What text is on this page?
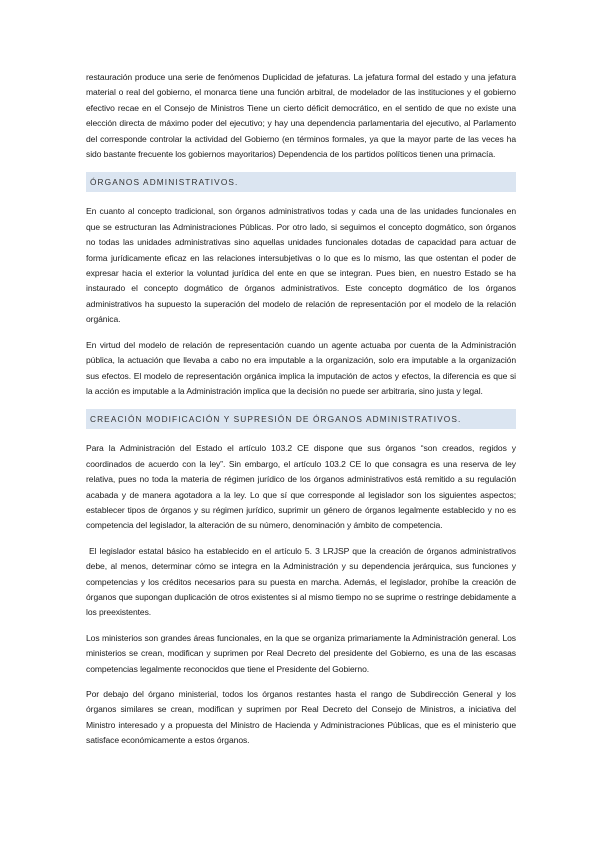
restauración produce una serie de fenómenos Duplicidad de jefaturas. La jefatura formal del estado y una jefatura material o real del gobierno, el monarca tiene una función arbitral, de modelador de las instituciones y el gobierno efectivo recae en el Consejo de Ministros Tiene un cierto déficit democrático, en el sentido de que no existe una elección directa de máximo poder del ejecutivo; y hay una dependencia parlamentaria del ejecutivo, al Parlamento del corresponde controlar la actividad del Gobierno (en términos formales, ya que la mayor parte de las veces ha sido bastante frecuente los gobiernos mayoritarios) Dependencia de los partidos políticos tienen una primacía.

ÓRGANOS ADMINISTRATIVOS.

En cuanto al concepto tradicional, son órganos administrativos todas y cada una de las unidades funcionales en que se estructuran las Administraciones Públicas. Por otro lado, si seguimos el concepto dogmático, son órganos no todas las unidades administrativas sino aquellas unidades funcionales dotadas de capacidad para actuar de forma jurídicamente eficaz en las relaciones intersubjetivas o lo que es lo mismo, las que ostentan el poder de expresar hacia el exterior la voluntad jurídica del ente en que se integran. Pues bien, en nuestro Estado se ha instaurado el concepto dogmático de órganos administrativos. Este concepto dogmático de los órganos administrativos ha supuesto la superación del modelo de relación de representación por el modelo de la relación orgánica.

En virtud del modelo de relación de representación cuando un agente actuaba por cuenta de la Administración pública, la actuación que llevaba a cabo no era imputable a la organización, solo era imputable a la organización sus efectos. El modelo de representación orgánica implica la imputación de actos y efectos, la diferencia es que si la acción es imputable a la Administración implica que la decisión no puede ser arbitraria, sino justa y legal.

CREACIÓN MODIFICACIÓN Y SUPRESIÓN DE ÓRGANOS ADMINISTRATIVOS.

Para la Administración del Estado el artículo 103.2 CE dispone que sus órganos “son creados, regidos y coordinados de acuerdo con la ley”. Sin embargo, el artículo 103.2 CE lo que consagra es una reserva de ley relativa, pues no toda la materia de régimen jurídico de los órganos administrativos está remitido a su regulación acabada y de manera agotadora a la ley. Lo que sí que corresponde al legislador son los siguientes aspectos; establecer tipos de órganos y su régimen jurídico, suprimir un género de órganos legalmente establecido y no es competencia del legislador, la alteración de su número, denominación y ámbito de competencia.

El legislador estatal básico ha establecido en el artículo 5. 3 LRJSP que la creación de órganos administrativos debe, al menos, determinar cómo se integra en la Administración y su dependencia jerárquica, sus funciones y competencias y los créditos necesarios para su puesta en marcha. Además, el legislador, prohíbe la creación de órganos que supongan duplicación de otros existentes si al mismo tiempo no se suprime o restringe debidamente a los preexistentes.

Los ministerios son grandes áreas funcionales, en la que se organiza primariamente la Administración general. Los ministerios se crean, modifican y suprimen por Real Decreto del presidente del Gobierno, es una de las escasas competencias legalmente reconocidos que tiene el Presidente del Gobierno.

Por debajo del órgano ministerial, todos los órganos restantes hasta el rango de Subdirección General y los órganos similares se crean, modifican y suprimen por Real Decreto del Consejo de Ministros, a iniciativa del Ministro interesado y a propuesta del Ministro de Hacienda y Administraciones Públicas, que es el ministerio que satisface económicamente a estos órganos.
